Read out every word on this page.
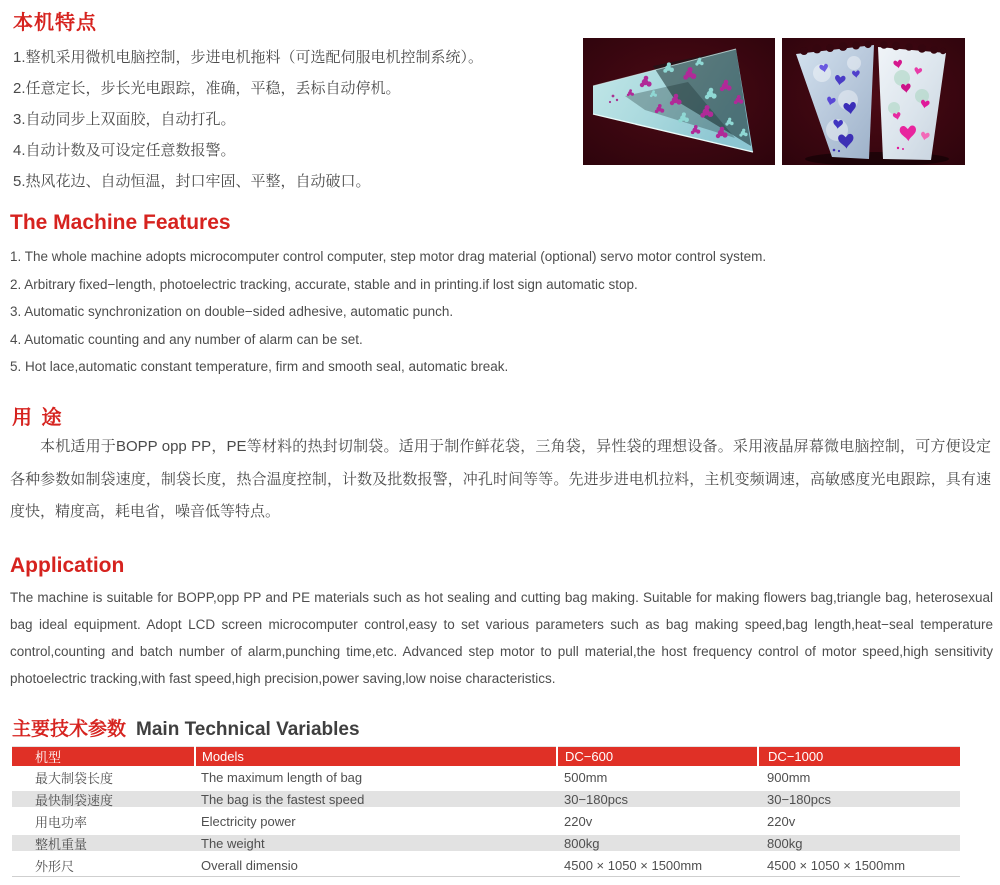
本机特点
1.整机采用微机电脑控制，步进电机拖料（可选配伺服电机控制系统）。
2.任意定长，步长光电跟踪，准确，平稳，丢标自动停机。
3.自动同步上双面胶，自动打孔。
4.自动计数及可设定任意数报警。
5.热风花边、自动恒温，封口牢固、平整，自动破口。
The Machine Features
1. The whole machine adopts microcomputer control computer, step motor drag material (optional) servo motor control system.
2. Arbitrary fixed−length, photoelectric tracking, accurate, stable and in printing.if lost sign automatic stop.
3. Automatic synchronization on double−sided adhesive, automatic punch.
4. Automatic counting and any number of alarm can be set.
5. Hot lace,automatic constant temperature, firm and smooth seal, automatic break.
用 途

本机适用于BOPP opp PP，PE等材料的热封切制袋。适用于制作鲜花袋，三角袋，异性袋的理想设备。采用液晶屏幕微电脑控制，可方便设定各种参数如制袋速度，制袋长度，热合温度控制，计数及批数报警，冲孔时间等等。先进步进电机拉料，主机变频调速，高敏感度光电跟踪，具有速度快，精度高，耗电省，噪音低等特点。

Application

The machine is suitable for BOPP,opp PP and PE materials such as hot sealing and cutting bag making. Suitable for making flowers bag,triangle bag, heterosexual bag ideal equipment. Adopt LCD screen microcomputer control,easy to set various parameters such as bag making speed,bag length,heat−seal temperature control,counting and batch number of alarm,punching time,etc. Advanced step motor to pull material,the host frequency control of motor speed,high sensitivity photoelectric tracking,with fast speed,high precision,power saving,low noise characteristics.

主要技术参数 Main Technical Variables
机型	Models	DC−600	DC−1000
最大制袋长度	The maximum length of bag	500mm	900mm
最快制袋速度	The bag is the fastest speed	30−180pcs	30−180pcs
用电功率	Electricity power	220v	220v
整机重量	The weight	800kg	800kg
外形尺	Overall dimensio	4500 × 1050 × 1500mm	4500 × 1050 × 1500mm
